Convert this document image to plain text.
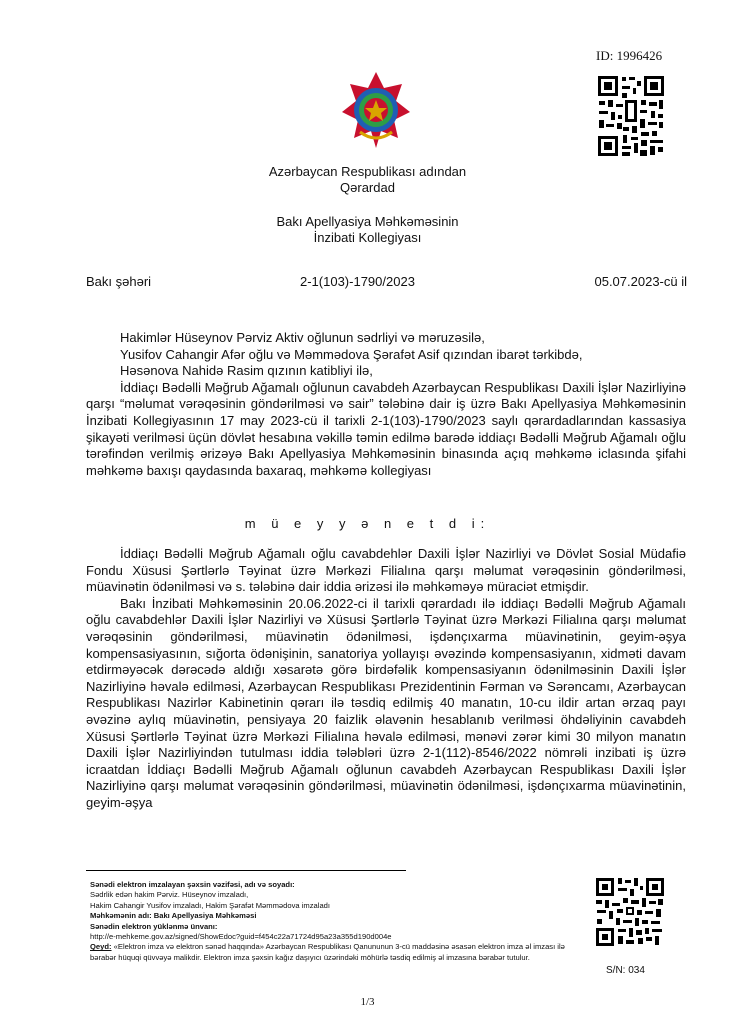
ID: 1996426
Azərbaycan Respublikası adından
Qərardad
Bakı Apellyasiya Məhkəməsinin
İnzibati Kollegiyası
Bakı şəhəri	2-1(103)-1790/2023	05.07.2023-cü il
Hakimlər Hüseynov Pərviz Aktiv oğlunun sədrliyi və məruzəsilə,
Yusifov Cahangir Afər oğlu və Məmmədova Şərafət Asif qızından ibarət tərkibdə,
Həsənova Nahidə Rasim qızının katibliyi ilə,

İddiaçı Bədəlli Məğrub Ağamalı oğlunun cavabdeh Azərbaycan Respublikası Daxili İşlər Nazirliyinə qarşı “məlumat vərəqəsinin göndərilməsi və sair” tələbinə dair iş üzrə Bakı Apellyasiya Məhkəməsinin İnzibati Kollegiyasının 17 may 2023-cü il tarixli 2-1(103)-1790/2023 saylı qərardadlarından kassasiya şikayəti verilməsi üçün dövlət hesabına vəkillə təmin edilmə barədə iddiaçı Bədəlli Məğrub Ağamalı oğlu tərəfindən verilmiş ərizəyə Bakı Apellyasiya Məhkəməsinin binasında açıq məhkəmə iclasında şifahi məhkəmə baxışı qaydasında baxaraq, məhkəmə kollegiyası

m ü e y y ə n e t d i:

İddiaçı Bədəlli Məğrub Ağamalı oğlu cavabdehlər Daxili İşlər Nazirliyi və Dövlət Sosial Müdafiə Fondu Xüsusi Şərtlərlə Təyinat üzrə Mərkəzi Filialına qarşı məlumat vərəqəsinin göndərilməsi, müavinətin ödənilməsi və s. tələbinə dair iddia ərizəsi ilə məhkəməyə müraciət etmişdir.

Bakı İnzibati Məhkəməsinin 20.06.2022-ci il tarixli qərardadı ilə iddiaçı Bədəlli Məğrub Ağamalı oğlu cavabdehlər Daxili İşlər Nazirliyi və Xüsusi Şərtlərlə Təyinat üzrə Mərkəzi Filialına qarşı məlumat vərəqəsinin göndərilməsi, müavinətin ödənilməsi, işdənçıxarma müavinətinin, geyim-əşya kompensasiyasının, sığorta ödənişinin, sanatoriya yollayışı əvəzində kompensasiyanın, xidməti davam etdirməyəcək dərəcədə aldığı xəsarətə görə birdəfəlik kompensasiyanın ödənilməsinin Daxili İşlər Nazirliyinə həvalə edilməsi, Azərbaycan Respublikası Prezidentinin Fərman və Sərəncamı, Azərbaycan Respublikası Nazirlər Kabinetinin qərarı ilə təsdiq edilmiş 40 manatın, 10-cu ildir artan ərzaq payı əvəzinə aylıq müavinətin, pensiyaya 20 faizlik əlavənin hesablanıb verilməsi öhdəliyinin cavabdeh Xüsusi Şərtlərlə Təyinat üzrə Mərkəzi Filialına həvalə edilməsi, mənəvi zərər kimi 30 milyon manatın Daxili İşlər Nazirliyindən tutulması iddia tələbləri üzrə 2-1(112)-8546/2022 nömrəli inzibati iş üzrə icraatdan İddiaçı Bədəlli Məğrub Ağamalı oğlunun cavabdeh Azərbaycan Respublikası Daxili İşlər Nazirliyinə qarşı məlumat vərəqəsinin göndərilməsi, müavinətin ödənilməsi, işdənçıxarma müavinətinin, geyim-əşya

Sənədi elektron imzalayan şəxsin vəzifəsi, adı və soyadı:
Sədrlik edən hakim Pərviz. Hüseynov imzaladı,
Hakim Cahangir Yusifov imzaladı, Hakim Şərafət Məmmədova imzaladı
Məhkəmənin adı: Bakı Apellyasiya Məhkəməsi
Sənədin elektron yüklənmə ünvanı:
http://e-mehkeme.gov.az/signed/ShowEdoc?guid=f454c22a71724d95a23a355d190d004e
Qeyd: «Elektron imza və elektron sənəd haqqında» Azərbaycan Respublikası Qanununun 3-cü maddəsinə əsasən elektron imza əl imzası ilə bərabər hüquqi qüvvəyə malikdir. Elektron imza şəxsin kağız daşıyıcı üzərindəki möhürlə təsdiq edilmiş əl imzasına bərabər tutulur.
S/N: 034
1/3
